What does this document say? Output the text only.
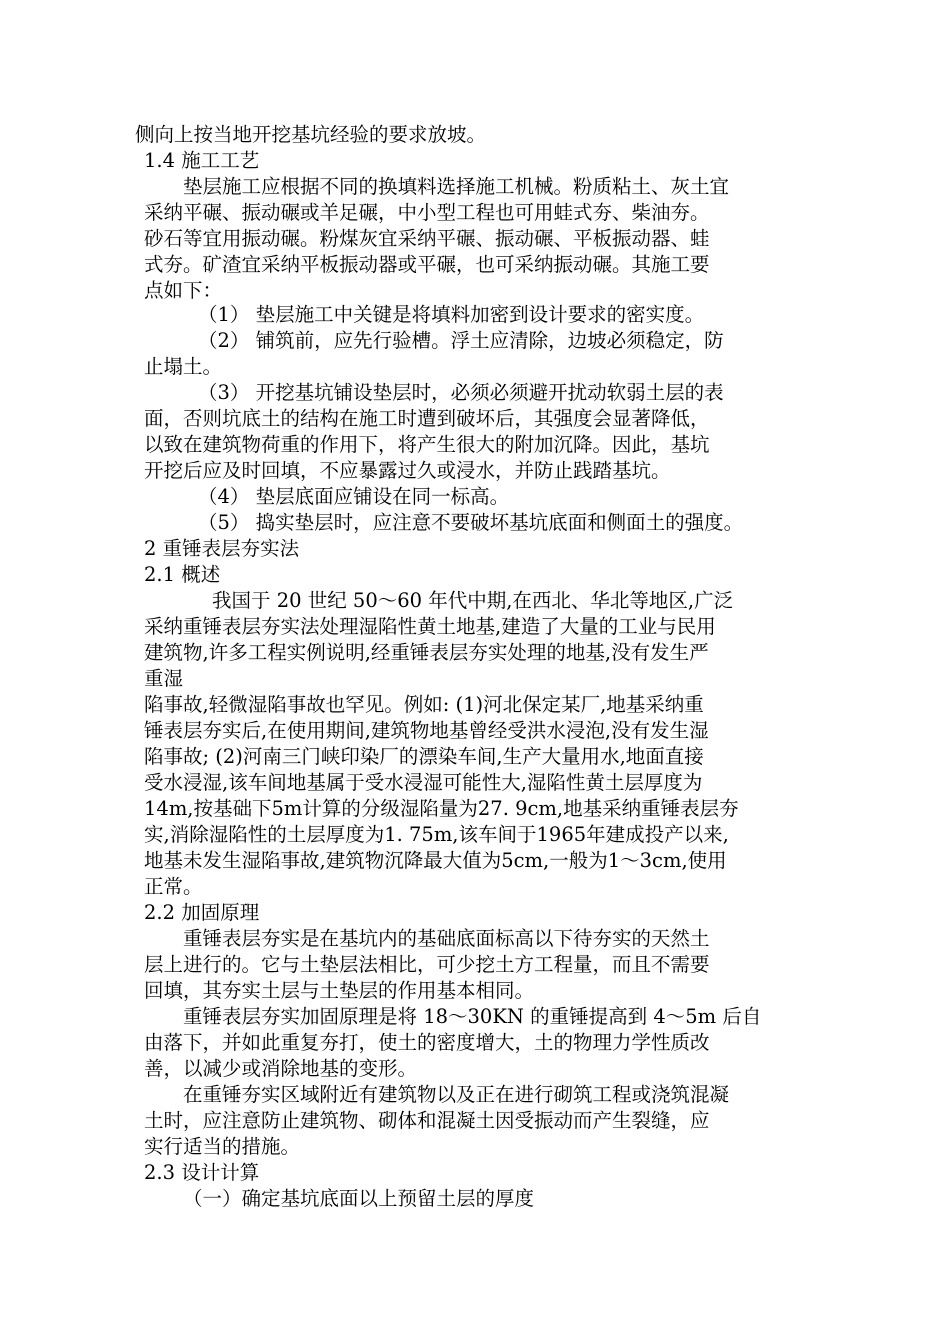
侧向上按当地开挖基坑经验的要求放坡。
1.4 施工工艺
垫层施工应根据不同的换填料选择施工机械。粉质粘土、灰土宜
采纳平碾、振动碾或羊足碾，中小型工程也可用蛙式夯、柴油夯。
砂石等宜用振动碾。粉煤灰宜采纳平碾、振动碾、平板振动器、蛙
式夯。矿渣宜采纳平板振动器或平碾，也可采纳振动碾。其施工要
点如下：
（1） 垫层施工中关键是将填料加密到设计要求的密实度。
（2） 铺筑前，应先行验槽。浮土应清除，边坡必须稳定，防
止塌土。
（3） 开挖基坑铺设垫层时，必须必须避开扰动软弱土层的表
面，否则坑底土的结构在施工时遭到破坏后，其强度会显著降低，
以致在建筑物荷重的作用下，将产生很大的附加沉降。因此，基坑
开挖后应及时回填，不应暴露过久或浸水，并防止践踏基坑。
（4） 垫层底面应铺设在同一标高。
（5） 捣实垫层时，应注意不要破坏基坑底面和侧面土的强度。
2 重锤表层夯实法
2.1 概述
我国于 20 世纪 50～60 年代中期,在西北、华北等地区,广泛
采纳重锤表层夯实法处理湿陷性黄土地基,建造了大量的工业与民用
建筑物,许多工程实例说明,经重锤表层夯实处理的地基,没有发生严
重湿
陷事故,轻微湿陷事故也罕见。例如: (1)河北保定某厂,地基采纳重
锤表层夯实后,在使用期间,建筑物地基曾经受洪水浸泡,没有发生湿
陷事故; (2)河南三门峡印染厂的漂染车间,生产大量用水,地面直接
受水浸湿,该车间地基属于受水浸湿可能性大,湿陷性黄土层厚度为
14m,按基础下5m计算的分级湿陷量为27. 9cm,地基采纳重锤表层夯
实,消除湿陷性的土层厚度为1. 75m,该车间于1965年建成投产以来,
地基未发生湿陷事故,建筑物沉降最大值为5cm,一般为1～3cm,使用
正常。
2.2 加固原理
重锤表层夯实是在基坑内的基础底面标高以下待夯实的天然土
层上进行的。它与土垫层法相比，可少挖土方工程量，而且不需要
回填，其夯实土层与土垫层的作用基本相同。
重锤表层夯实加固原理是将 18～30KN 的重锤提高到 4～5m 后自
由落下，并如此重复夯打，使土的密度增大，土的物理力学性质改
善，以减少或消除地基的变形。
在重锤夯实区域附近有建筑物以及正在进行砌筑工程或浇筑混凝
土时，应注意防止建筑物、砌体和混凝土因受振动而产生裂缝，应
实行适当的措施。
2.3 设计计算
（一）确定基坑底面以上预留土层的厚度
